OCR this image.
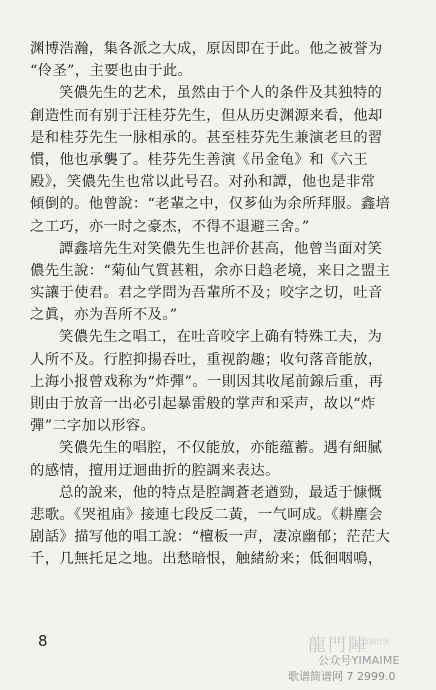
渊博浩瀚，集各派之大成，原因即在于此。他之被誉为
“伶圣”，主要也由于此。
笑儂先生的艺术，虽然由于个人的条件及其独特的
創造性而有别于汪桂芬先生，但从历史渊源来看，他却
是和桂芬先生一脉相承的。甚至桂芬先生兼演老旦的習
慣，他也承襲了。桂芬先生善演《吊金龟》和《六王
殿》，笑儂先生也常以此号召。对孙和譚，他也是非常
傾倒的。他曾說：“老輩之中，仅芗仙为余所拜服。鑫培
之工巧，亦一时之豪杰，不得不退避三舍。”
譚鑫培先生对笑儂先生也評价甚高，他曾当面对笑
儂先生說：“菊仙气質甚粗，余亦日趋老境，来日之盟主
实讓于使君。君之学問为吾輩所不及；咬字之切，吐音
之眞，亦为吾所不及。”
笑儂先生之唱工，在吐音咬字上确有特殊工夫，为
人所不及。行腔抑揚吞吐，重视韵趣；收句落音能放，
上海小报曾戏称为“炸彈”。一則因其收尾前䤼后重，再
則由于放音一出必引起暴雷般的掌声和采声，故以“炸
彈”二字加以形容。
笑儂先生的唱腔，不仅能放，亦能蕴蓄。遇有細膩
的感情，擅用迂迴曲折的腔調来表达。
总的說来，他的特点是腔調蒼老遒勁，最适于慷慨
悲歌。《哭祖庙》接連七段反二黃，一气呵成。《耕塵会
剧話》描写他的唱工說：“檀板一声，凄凉幽郁；茫茫大
千，几無托足之地。出愁暗恨，触緒紛来；低徊咽鳴，
8	龍門陣
京剧社区
公众号YIMAIME
歌谱简谱网 7 2999.0
